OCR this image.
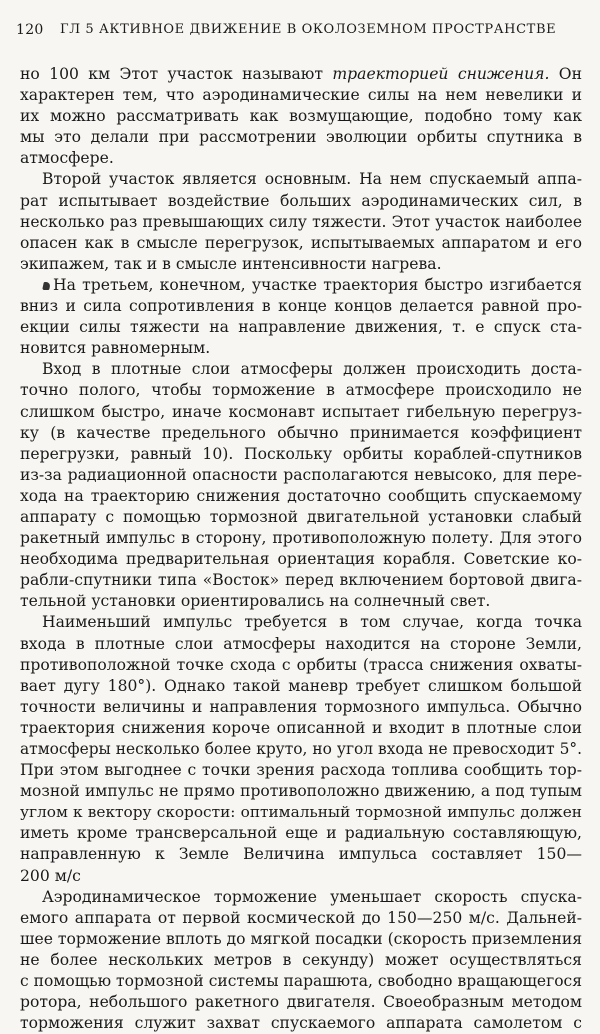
120 ГЛ 5 АКТИВНОЕ ДВИЖЕНИЕ В ОКОЛОЗЕМНОМ ПРОСТРАНСТВЕ
но 100 км Этот участок называют траекторией снижения. Он
характерен тем, что аэродинамические силы на нем невелики и
их можно рассматривать как возмущающие, подобно тому как
мы это делали при рассмотрении эволюции орбиты спутника в
атмосфере.
Второй участок является основным. На нем спускаемый аппа-
рат испытывает воздействие больших аэродинамических сил, в
несколько раз превышающих силу тяжести. Этот участок наиболее
опасен как в смысле перегрузок, испытываемых аппаратом и его
экипажем, так и в смысле интенсивности нагрева.
На третьем, конечном, участке траектория быстро изгибается
вниз и сила сопротивления в конце концов делается равной про-
екции силы тяжести на направление движения, т. е спуск ста-
новится равномерным.
Вход в плотные слои атмосферы должен происходить доста-
точно полого, чтобы торможение в атмосфере происходило не
слишком быстро, иначе космонавт испытает гибельную перегруз-
ку (в качестве предельного обычно принимается коэффициент
перегрузки, равный 10). Поскольку орбиты кораблей-спутников
из-за радиационной опасности располагаются невысоко, для пере-
хода на траекторию снижения достаточно сообщить спускаемому
аппарату с помощью тормозной двигательной установки слабый
ракетный импульс в сторону, противоположную полету. Для этого
необходима предварительная ориентация корабля. Советские ко-
рабли-спутники типа «Восток» перед включением бортовой двига-
тельной установки ориентировались на солнечный свет.
Наименьший импульс требуется в том случае, когда точка
входа в плотные слои атмосферы находится на стороне Земли,
противоположной точке схода с орбиты (трасса снижения охваты-
вает дугу 180°). Однако такой маневр требует слишком большой
точности величины и направления тормозного импульса. Обычно
траектория снижения короче описанной и входит в плотные слои
атмосферы несколько более круто, но угол входа не превосходит 5°.
При этом выгоднее с точки зрения расхода топлива сообщить тор-
мозной импульс не прямо противоположно движению, а под тупым
углом к вектору скорости: оптимальный тормозной импульс должен
иметь кроме трансверсальной еще и радиальную составляющую,
направленную к Земле Величина импульса составляет 150—
200 м/с
Аэродинамическое торможение уменьшает скорость спуска-
емого аппарата от первой космической до 150—250 м/с. Дальней-
шее торможение вплоть до мягкой посадки (скорость приземления
не более нескольких метров в секунду) может осуществляться
с помощью тормозной системы парашюта, свободно вращающегося
ротора, небольшого ракетного двигателя. Своеобразным методом
торможения служит захват спускаемого аппарата самолетом с
